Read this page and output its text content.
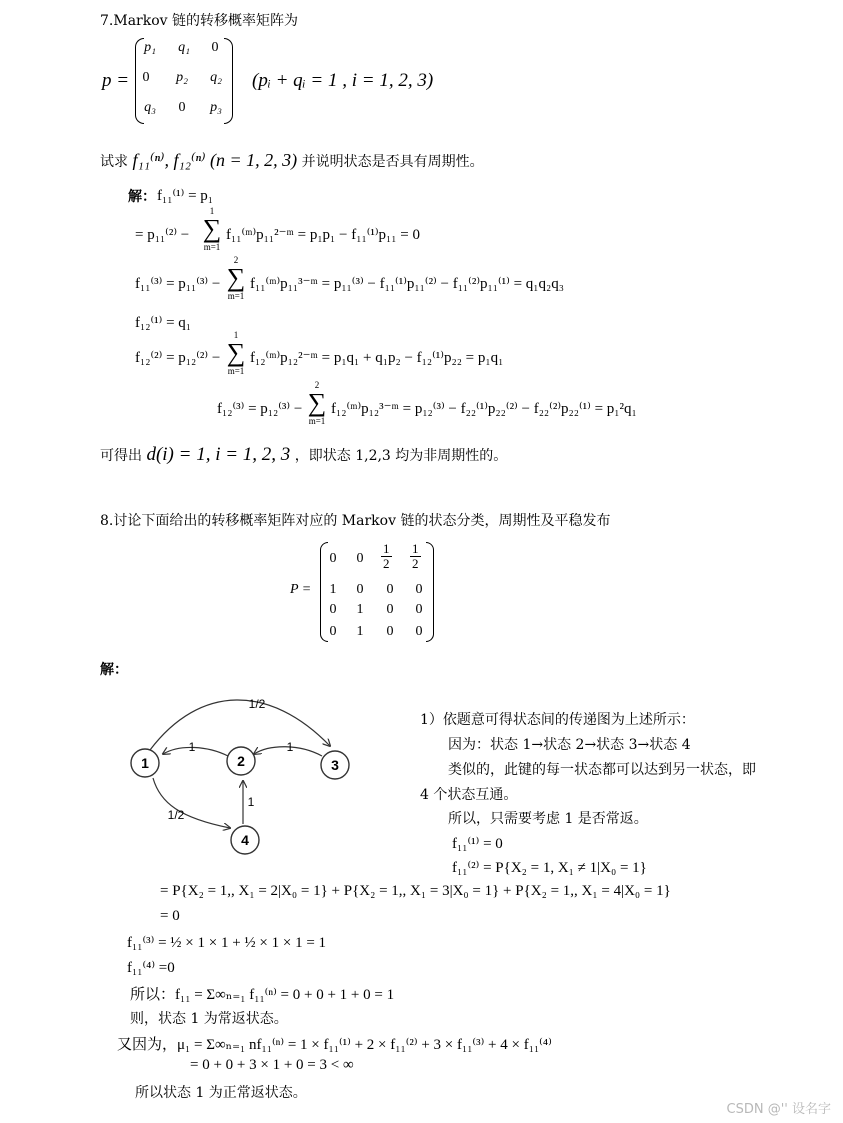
7.Markov 链的转移概率矩阵为
p =
p₁	q₁	0
0	p₂	q₂
q₃	0	p₃
(pᵢ + qᵢ = 1 , i = 1, 2, 3)
试求 f₁₁⁽ⁿ⁾, f₁₂⁽ⁿ⁾ (n = 1, 2, 3) 并说明状态是否具有周期性。
解： f₁₁⁽¹⁾ = p₁
= p₁₁⁽²⁾ −
1
∑
m=1
f₁₁⁽ᵐ⁾p₁₁²⁻ᵐ = p₁p₁ − f₁₁⁽¹⁾p₁₁ = 0
f₁₁⁽³⁾ = p₁₁⁽³⁾ −
2
∑
m=1
f₁₁⁽ᵐ⁾p₁₁³⁻ᵐ = p₁₁⁽³⁾ − f₁₁⁽¹⁾p₁₁⁽²⁾ − f₁₁⁽²⁾p₁₁⁽¹⁾ = q₁q₂q₃
f₁₂⁽¹⁾ = q₁
f₁₂⁽²⁾ = p₁₂⁽²⁾ −
1
∑
m=1
f₁₂⁽ᵐ⁾p₁₂²⁻ᵐ = p₁q₁ + q₁p₂ − f₁₂⁽¹⁾p₂₂ = p₁q₁
f₁₂⁽³⁾ = p₁₂⁽³⁾ −
2
∑
m=1
f₁₂⁽ᵐ⁾p₁₂³⁻ᵐ = p₁₂⁽³⁾ − f₂₂⁽¹⁾p₂₂⁽²⁾ − f₂₂⁽²⁾p₂₂⁽¹⁾ = p₁²q₁
可得出 d(i) = 1, i = 1, 2, 3 ，即状态 1,2,3 均为非周期性的。
8.讨论下面给出的转移概率矩阵对应的 Markov 链的状态分类，周期性及平稳发布
P =
0	0	$\frac{1}{2} \frac{1}{2}$
1	0	0	0
0	1	0	0
0	1	0	0
解：
1	2	3
4
1/2
1	1
1/2
1
1）依题意可得状态间的传递图为上述所示：
因为：状态 1→状态 2→状态 3→状态 4
类似的，此键的每一状态都可以达到另一状态，即
4 个状态互通。
所以，只需要考虑 1 是否常返。
f₁₁⁽¹⁾ = 0
f₁₁⁽²⁾ = P{X₂ = 1, X₁ ≠ 1|X₀ = 1}
= P{X₂ = 1,, X₁ = 2|X₀ = 1} + P{X₂ = 1,, X₁ = 3|X₀ = 1} + P{X₂ = 1,, X₁ = 4|X₀ = 1}
= 0
f₁₁⁽³⁾ = ½ × 1 × 1 + ½ × 1 × 1 = 1
f₁₁⁽⁴⁾ =0
所以：f₁₁ = Σ∞ₙ₌₁ f₁₁⁽ⁿ⁾ = 0 + 0 + 1 + 0 = 1
则，状态 1 为常返状态。
又因为，μ₁ = Σ∞ₙ₌₁ nf₁₁⁽ⁿ⁾ = 1 × f₁₁⁽¹⁾ + 2 × f₁₁⁽²⁾ + 3 × f₁₁⁽³⁾ + 4 × f₁₁⁽⁴⁾
= 0 + 0 + 3 × 1 + 0 = 3 < ∞
所以状态 1 为正常返状态。
CSDN @'' 设名字
